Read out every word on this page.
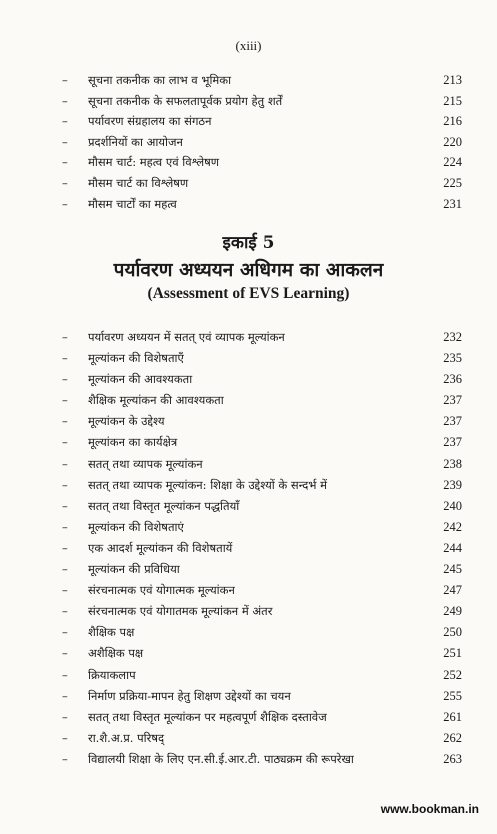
(xiii)
–	सूचना तकनीक का लाभ व भूमिका	213
–	सूचना तकनीक के सफलतापूर्वक प्रयोग हेतु शर्तें	215
–	पर्यावरण संग्रहालय का संगठन	216
–	प्रदर्शनियों का आयोजन	220
–	मौसम चार्ट: महत्व एवं विश्लेषण	224
–	मौसम चार्ट का विश्लेषण	225
–	मौसम चार्टों का महत्व	231
इकाई 5
पर्यावरण अध्ययन अधिगम का आकलन
(Assessment of EVS Learning)
–	पर्यावरण अध्ययन में सतत् एवं व्यापक मूल्यांकन	232
–	मूल्यांकन की विशेषताएँ	235
–	मूल्यांकन की आवश्यकता	236
–	शैक्षिक मूल्यांकन की आवश्यकता	237
–	मूल्यांकन के उद्देश्य	237
–	मूल्यांकन का कार्यक्षेत्र	237
–	सतत् तथा व्यापक मूल्यांकन	238
–	सतत् तथा व्यापक मूल्यांकन: शिक्षा के उद्देश्यों के सन्दर्भ में	239
–	सतत् तथा विस्तृत मूल्यांकन पद्धतियाँ	240
–	मूल्यांकन की विशेषताएं	242
–	एक आदर्श मूल्यांकन की विशेषतायें	244
–	मूल्यांकन की प्रविधिया	245
–	संरचनात्मक एवं योगात्मक मूल्यांकन	247
–	संरचनात्मक एवं योगातमक मूल्यांकन में अंतर	249
–	शैक्षिक पक्ष	250
–	अशैक्षिक पक्ष	251
–	क्रियाकलाप	252
–	निर्माण प्रक्रिया-मापन हेतु शिक्षण उद्देश्यों का चयन	255
–	सतत् तथा विस्तृत मूल्यांकन पर महत्वपूर्ण शैक्षिक दस्तावेज	261
–	रा.शै.अ.प्र. परिषद्	262
–	विद्यालयी शिक्षा के लिए एन.सी.ई.आर.टी. पाठ्यक्रम की रूपरेखा	263
www.bookman.in
